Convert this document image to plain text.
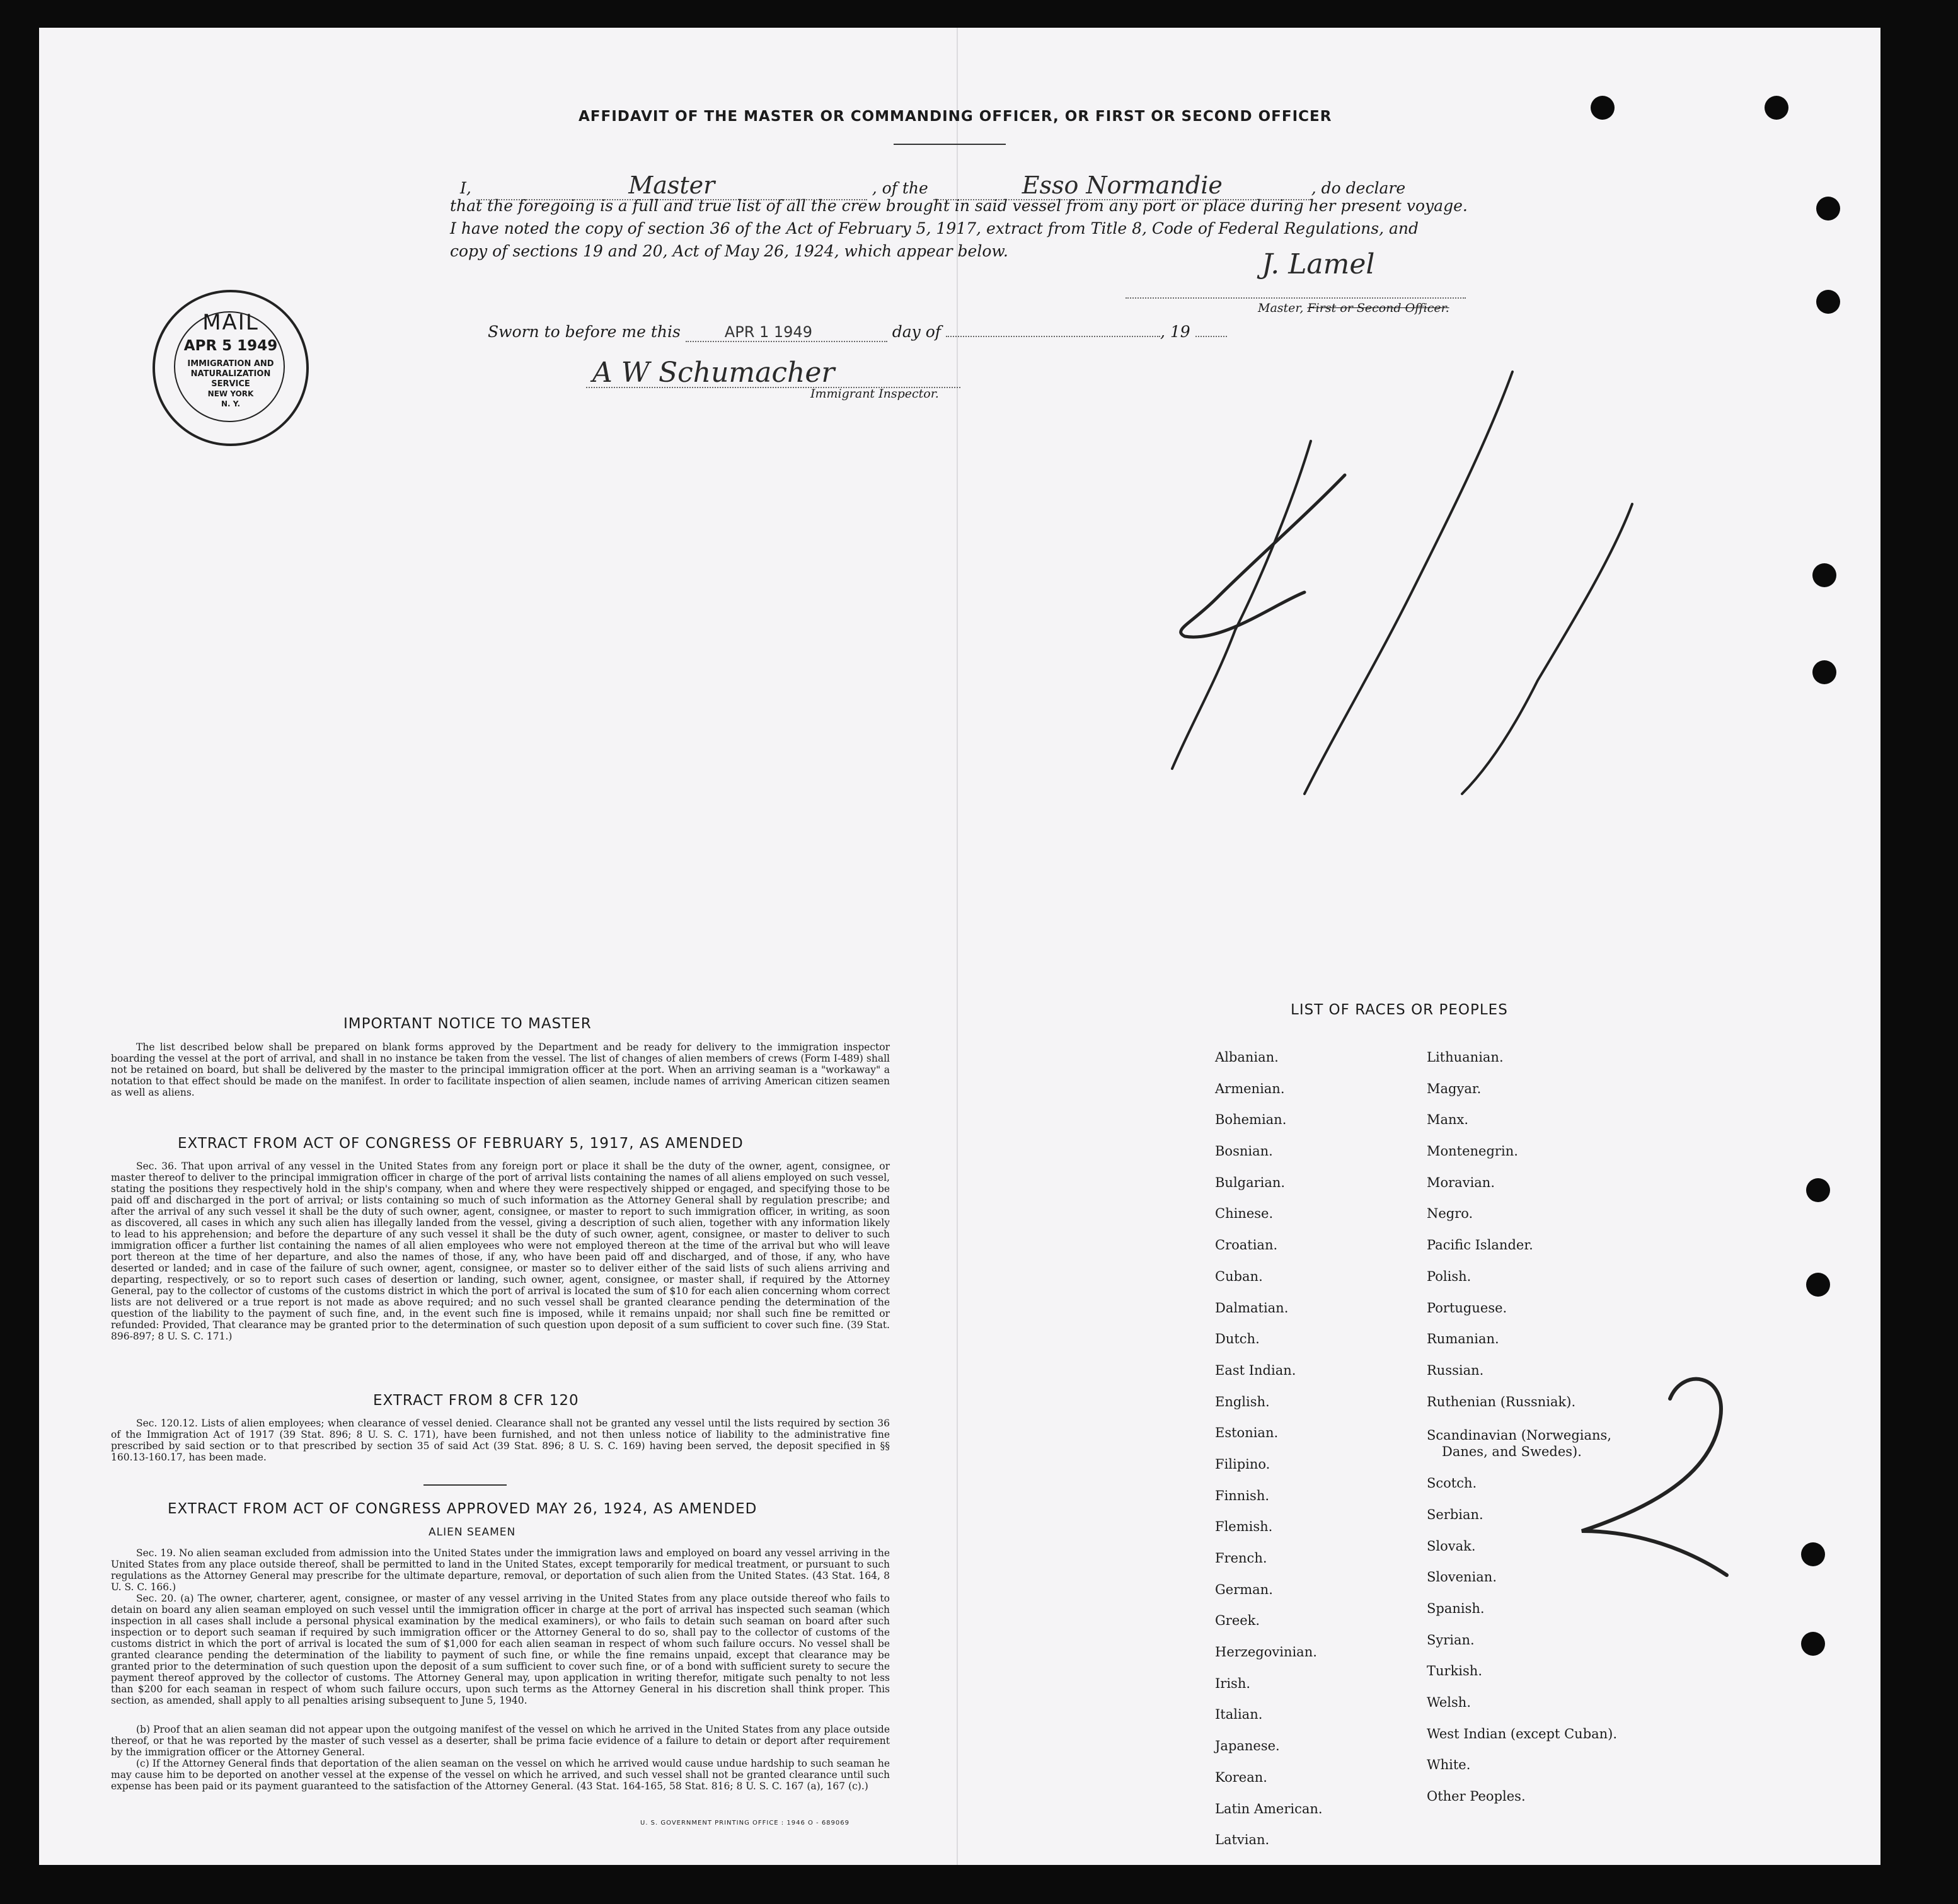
AFFIDAVIT OF THE MASTER OR COMMANDING OFFICER, OR FIRST OR SECOND OFFICER
I,	Master	, of the	Esso Normandie	, do declare
that the foregoing is a full and true list of all the crew brought in said vessel from any port or place during her present voyage.
I have noted the copy of section 36 of the Act of February 5, 1917, extract from Title 8, Code of Federal Regulations, and
copy of sections 19 and 20, Act of May 26, 1924, which appear below.	J. Lamel
Master, First or Second Officer.
Sworn to before me this	APR 1 1949	day of	, 19
A W Schumacher
Immigrant Inspector.
MAIL
APR 5 1949
IMMIGRATION AND
NATURALIZATION
SERVICE
NEW YORK
N. Y.
41
2
IMPORTANT NOTICE TO MASTER
The list described below shall be prepared on blank forms approved by the Department and be ready for delivery to the immigration inspector boarding the vessel at the port of arrival, and shall in no instance be taken from the vessel. The list of changes of alien members of crews (Form I-489) shall not be retained on board, but shall be delivered by the master to the principal immigration officer at the port. When an arriving seaman is a "workaway" a notation to that effect should be made on the manifest. In order to facilitate inspection of alien seamen, include names of arriving American citizen seamen as well as aliens.
EXTRACT FROM ACT OF CONGRESS OF FEBRUARY 5, 1917, AS AMENDED
Sec. 36. That upon arrival of any vessel in the United States from any foreign port or place it shall be the duty of the owner, agent, consignee, or master thereof to deliver to the principal immigration officer in charge of the port of arrival lists containing the names of all aliens employed on such vessel, stating the positions they respectively hold in the ship's company, when and where they were respectively shipped or engaged, and specifying those to be paid off and discharged in the port of arrival; or lists containing so much of such information as the Attorney General shall by regulation prescribe; and after the arrival of any such vessel it shall be the duty of such owner, agent, consignee, or master to report to such immigration officer, in writing, as soon as discovered, all cases in which any such alien has illegally landed from the vessel, giving a description of such alien, together with any information likely to lead to his apprehension; and before the departure of any such vessel it shall be the duty of such owner, agent, consignee, or master to deliver to such immigration officer a further list containing the names of all alien employees who were not employed thereon at the time of the arrival but who will leave port thereon at the time of her departure, and also the names of those, if any, who have been paid off and discharged, and of those, if any, who have deserted or landed; and in case of the failure of such owner, agent, consignee, or master so to deliver either of the said lists of such aliens arriving and departing, respectively, or so to report such cases of desertion or landing, such owner, agent, consignee, or master shall, if required by the Attorney General, pay to the collector of customs of the customs district in which the port of arrival is located the sum of $10 for each alien concerning whom correct lists are not delivered or a true report is not made as above required; and no such vessel shall be granted clearance pending the determination of the question of the liability to the payment of such fine, and, in the event such fine is imposed, while it remains unpaid; nor shall such fine be remitted or refunded: Provided, That clearance may be granted prior to the determination of such question upon deposit of a sum sufficient to cover such fine. (39 Stat. 896-897; 8 U. S. C. 171.)
EXTRACT FROM 8 CFR 120
Sec. 120.12. Lists of alien employees; when clearance of vessel denied. Clearance shall not be granted any vessel until the lists required by section 36 of the Immigration Act of 1917 (39 Stat. 896; 8 U. S. C. 171), have been furnished, and not then unless notice of liability to the administrative fine prescribed by said section or to that prescribed by section 35 of said Act (39 Stat. 896; 8 U. S. C. 169) having been served, the deposit specified in §§ 160.13-160.17, has been made.
EXTRACT FROM ACT OF CONGRESS APPROVED MAY 26, 1924, AS AMENDED
ALIEN SEAMEN
Sec. 19. No alien seaman excluded from admission into the United States under the immigration laws and employed on board any vessel arriving in the United States from any place outside thereof, shall be permitted to land in the United States, except temporarily for medical treatment, or pursuant to such regulations as the Attorney General may prescribe for the ultimate departure, removal, or deportation of such alien from the United States. (43 Stat. 164, 8 U. S. C. 166.)
Sec. 20. (a) The owner, charterer, agent, consignee, or master of any vessel arriving in the United States from any place outside thereof who fails to detain on board any alien seaman employed on such vessel until the immigration officer in charge at the port of arrival has inspected such seaman (which inspection in all cases shall include a personal physical examination by the medical examiners), or who fails to detain such seaman on board after such inspection or to deport such seaman if required by such immigration officer or the Attorney General to do so, shall pay to the collector of customs of the customs district in which the port of arrival is located the sum of $1,000 for each alien seaman in respect of whom such failure occurs. No vessel shall be granted clearance pending the determination of the liability to payment of such fine, or while the fine remains unpaid, except that clearance may be granted prior to the determination of such question upon the deposit of a sum sufficient to cover such fine, or of a bond with sufficient surety to secure the payment thereof approved by the collector of customs. The Attorney General may, upon application in writing therefor, mitigate such penalty to not less than $200 for each seaman in respect of whom such failure occurs, upon such terms as the Attorney General in his discretion shall think proper. This section, as amended, shall apply to all penalties arising subsequent to June 5, 1940.
(b) Proof that an alien seaman did not appear upon the outgoing manifest of the vessel on which he arrived in the United States from any place outside thereof, or that he was reported by the master of such vessel as a deserter, shall be prima facie evidence of a failure to detain or deport after requirement by the immigration officer or the Attorney General.
(c) If the Attorney General finds that deportation of the alien seaman on the vessel on which he arrived would cause undue hardship to such seaman he may cause him to be deported on another vessel at the expense of the vessel on which he arrived, and such vessel shall not be granted clearance until such expense has been paid or its payment guaranteed to the satisfaction of the Attorney General. (43 Stat. 164-165, 58 Stat. 816; 8 U. S. C. 167 (a), 167 (c).)
U. S. GOVERNMENT PRINTING OFFICE : 1946 O - 689069
LIST OF RACES OR PEOPLES
Albanian.
Armenian.
Bohemian.
Bosnian.
Bulgarian.
Chinese.
Croatian.
Cuban.
Dalmatian.
Dutch.
East Indian.
English.
Estonian.
Filipino.
Finnish.
Flemish.
French.
German.
Greek.
Herzegovinian.
Irish.
Italian.
Japanese.
Korean.
Latin American.
Latvian.
Lithuanian.
Magyar.
Manx.
Montenegrin.
Moravian.
Negro.
Pacific Islander.
Polish.
Portuguese.
Rumanian.
Russian.
Ruthenian (Russniak).
Scandinavian (Norwegians,
Danes, and Swedes).
Scotch.
Serbian.
Slovak.
Slovenian.
Spanish.
Syrian.
Turkish.
Welsh.
West Indian (except Cuban).
White.
Other Peoples.
